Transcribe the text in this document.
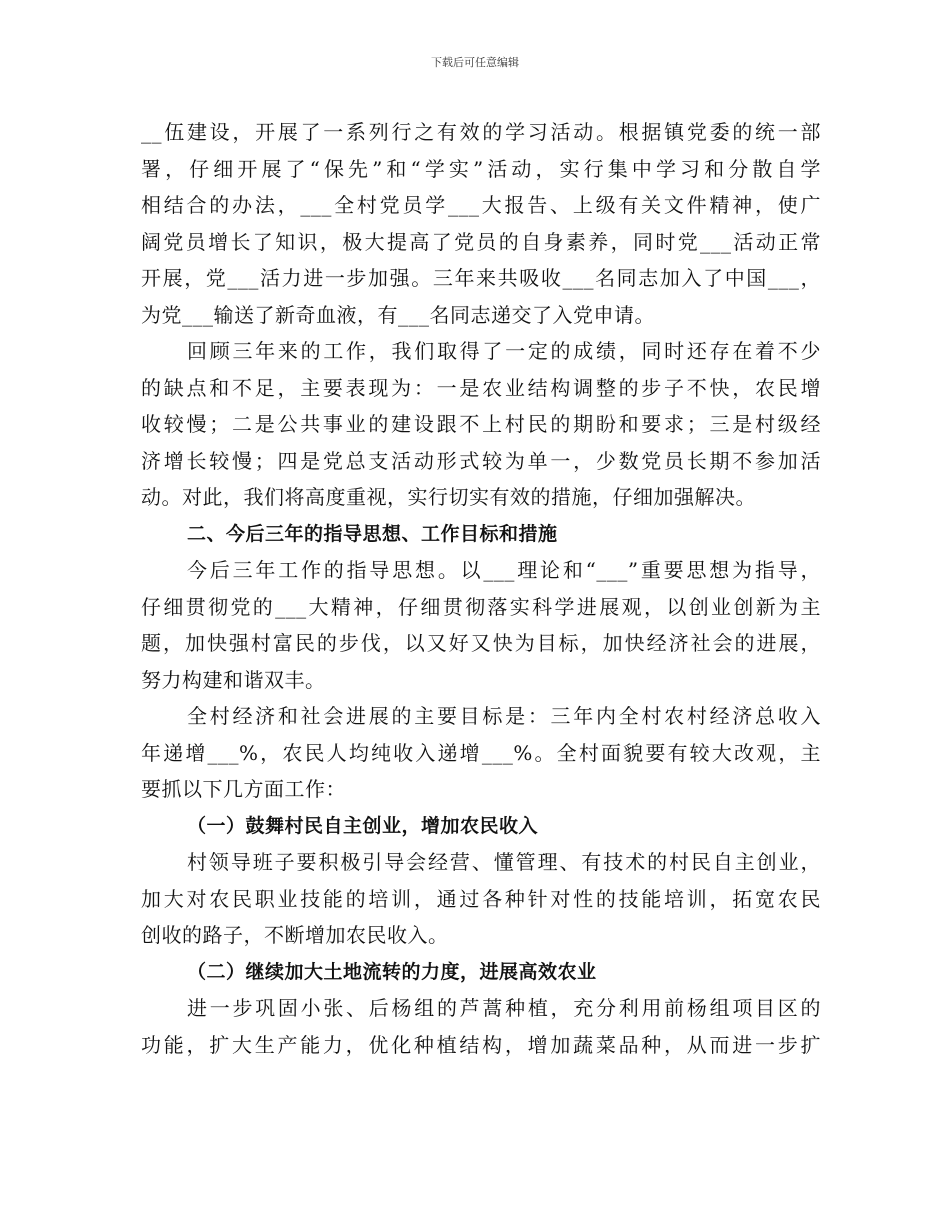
下载后可任意编辑
__伍建设，开展了一系列行之有效的学习活动。根据镇党委的统一部
署，仔细开展了“保先”和“学实”活动，实行集中学习和分散自学
相结合的办法，___全村党员学___大报告、上级有关文件精神，使广
阔党员增长了知识，极大提高了党员的自身素养，同时党___活动正常
开展，党___活力进一步加强。三年来共吸收___名同志加入了中国___，
为党___输送了新奇血液，有___名同志递交了入党申请。
回顾三年来的工作，我们取得了一定的成绩，同时还存在着不少
的缺点和不足，主要表现为：一是农业结构调整的步子不快，农民增
收较慢；二是公共事业的建设跟不上村民的期盼和要求；三是村级经
济增长较慢；四是党总支活动形式较为单一，少数党员长期不参加活
动。对此，我们将高度重视，实行切实有效的措施，仔细加强解决。
二、今后三年的指导思想、工作目标和措施
今后三年工作的指导思想。以___理论和“___”重要思想为指导，
仔细贯彻党的___大精神，仔细贯彻落实科学进展观，以创业创新为主
题，加快强村富民的步伐，以又好又快为目标，加快经济社会的进展，
努力构建和谐双丰。
全村经济和社会进展的主要目标是：三年内全村农村经济总收入
年递增___%，农民人均纯收入递增___%。全村面貌要有较大改观，主
要抓以下几方面工作：
（一）鼓舞村民自主创业，增加农民收入
村领导班子要积极引导会经营、懂管理、有技术的村民自主创业，
加大对农民职业技能的培训，通过各种针对性的技能培训，拓宽农民
创收的路子，不断增加农民收入。
（二）继续加大土地流转的力度，进展高效农业
进一步巩固小张、后杨组的芦蒿种植，充分利用前杨组项目区的
功能，扩大生产能力，优化种植结构，增加蔬菜品种，从而进一步扩
